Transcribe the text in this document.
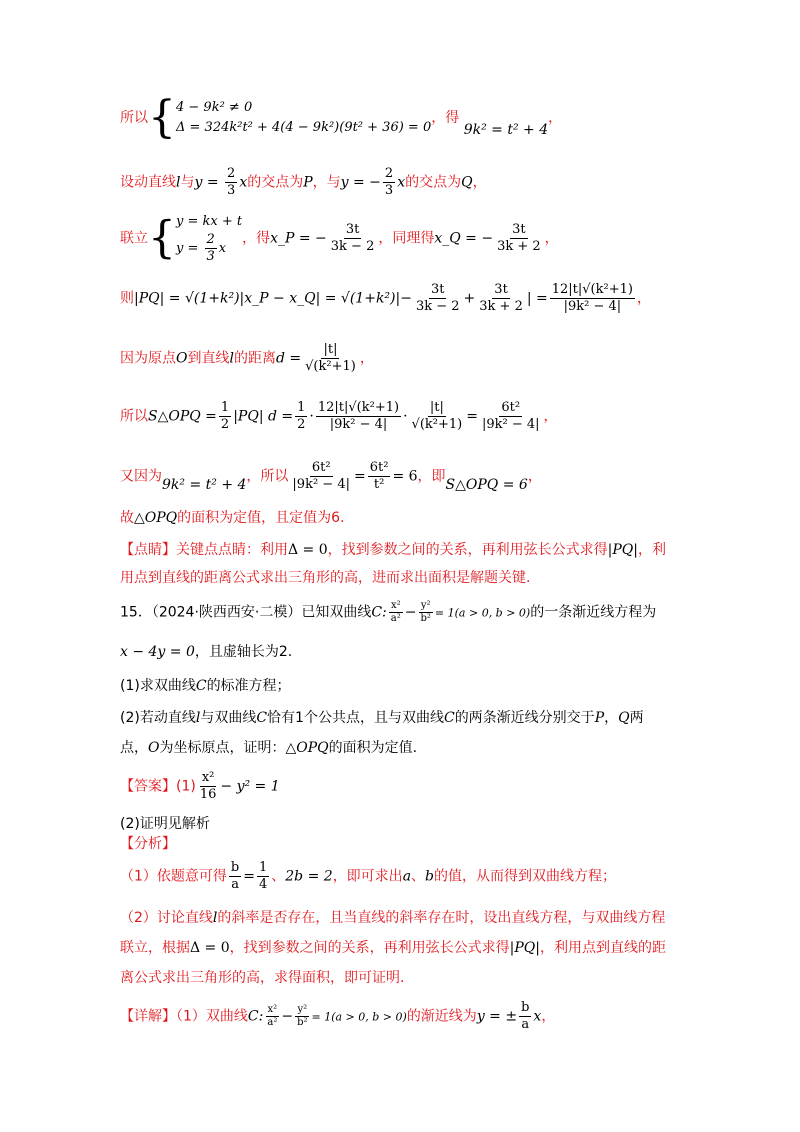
所以{ 4 − 9k² ≠ 0
Δ = 324k²t² + 4(4 − 9k²)(9t² + 36) = 0
，得 9k² = t² + 4，
设动直线l与$y = \frac{2}{3}$ x的交点为P，与y = − $\frac{2}{3}$ x的交点为Q，
联立{ y = kx + t
$y = \frac{2}{3}$ x
，得x_P = − $\frac{3t}{3k - 2}$ ，同理得x_Q = − $\frac{3t}{3k + 2}$ ，
则|PQ| = √(1+k²)|x_P − x_Q| = $√(1+k^2)|- \frac{3t}{3k - 2} + \frac{3t}{3k + 2}$ | = $\frac{\text{12|t|√(k²+1)}}{\text{|9k² − 4|}}$ ，
因为原点O到直线l的距离$d = \frac{|t|}{\text{√(k²+1)}}$ ，
所以S△OPQ = $\frac{1}{2} |PQ|$ $d = \frac{1}{2} \cdot \frac{\text{12|t|√(k²+1)}}{\text{|9k² − 4|}} \cdot \frac{|t|}{\text{√(k²+1)}} = \frac{\text{6t²}}{\text{|9k² − 4|}}$ ，
又因为9k² = t² + 4，所以 $\frac{\text{6t²}}{\text{|9k² − 4|}} = \frac{\text{6t²}}{\text{t²}} = 6$，即S△OPQ = 6，
故△OPQ的面积为定值，且定值为6.
【点睛】关键点点睛：利用Δ = 0，找到参数之间的关系，再利用弦长公式求得|PQ|，利
用点到直线的距离公式求出三角形的高，进而求出面积是解题关键.
15．（2024·陕西西安·二模）已知双曲线C: $\frac{\text{x²}}{\text{a²}} - \frac{\text{y²}}{\text{b²}} = 1(a > 0$, b > 0)的一条渐近线方程为
x − 4y = 0，且虚轴长为2.
(1)求双曲线C的标准方程；
(2)若动直线l与双曲线C恰有1个公共点，且与双曲线C的两条渐近线分别交于P，Q两
点，O为坐标原点，证明：△OPQ的面积为定值.
【答案】$(1) \frac{\text{x²}}{16} - y^2 = 1$
(2)证明见解析
【分析】
（1）依题意可得 $\frac{b}{a} = \frac{1}{4}$ 、2b = 2，即可求出a、b的值，从而得到双曲线方程；
（2）讨论直线l的斜率是否存在，且当直线的斜率存在时，设出直线方程，与双曲线方程
联立，根据Δ = 0，找到参数之间的关系，再利用弦长公式求得|PQ|，利用点到直线的距
离公式求出三角形的高，求得面积，即可证明.
【详解】（1）双曲线C: $\frac{\text{x²}}{\text{a²}} - \frac{\text{y²}}{\text{b²}} = 1(a > 0$, b > 0)的渐近线为y = ± $\frac{b}{a}$ x，
